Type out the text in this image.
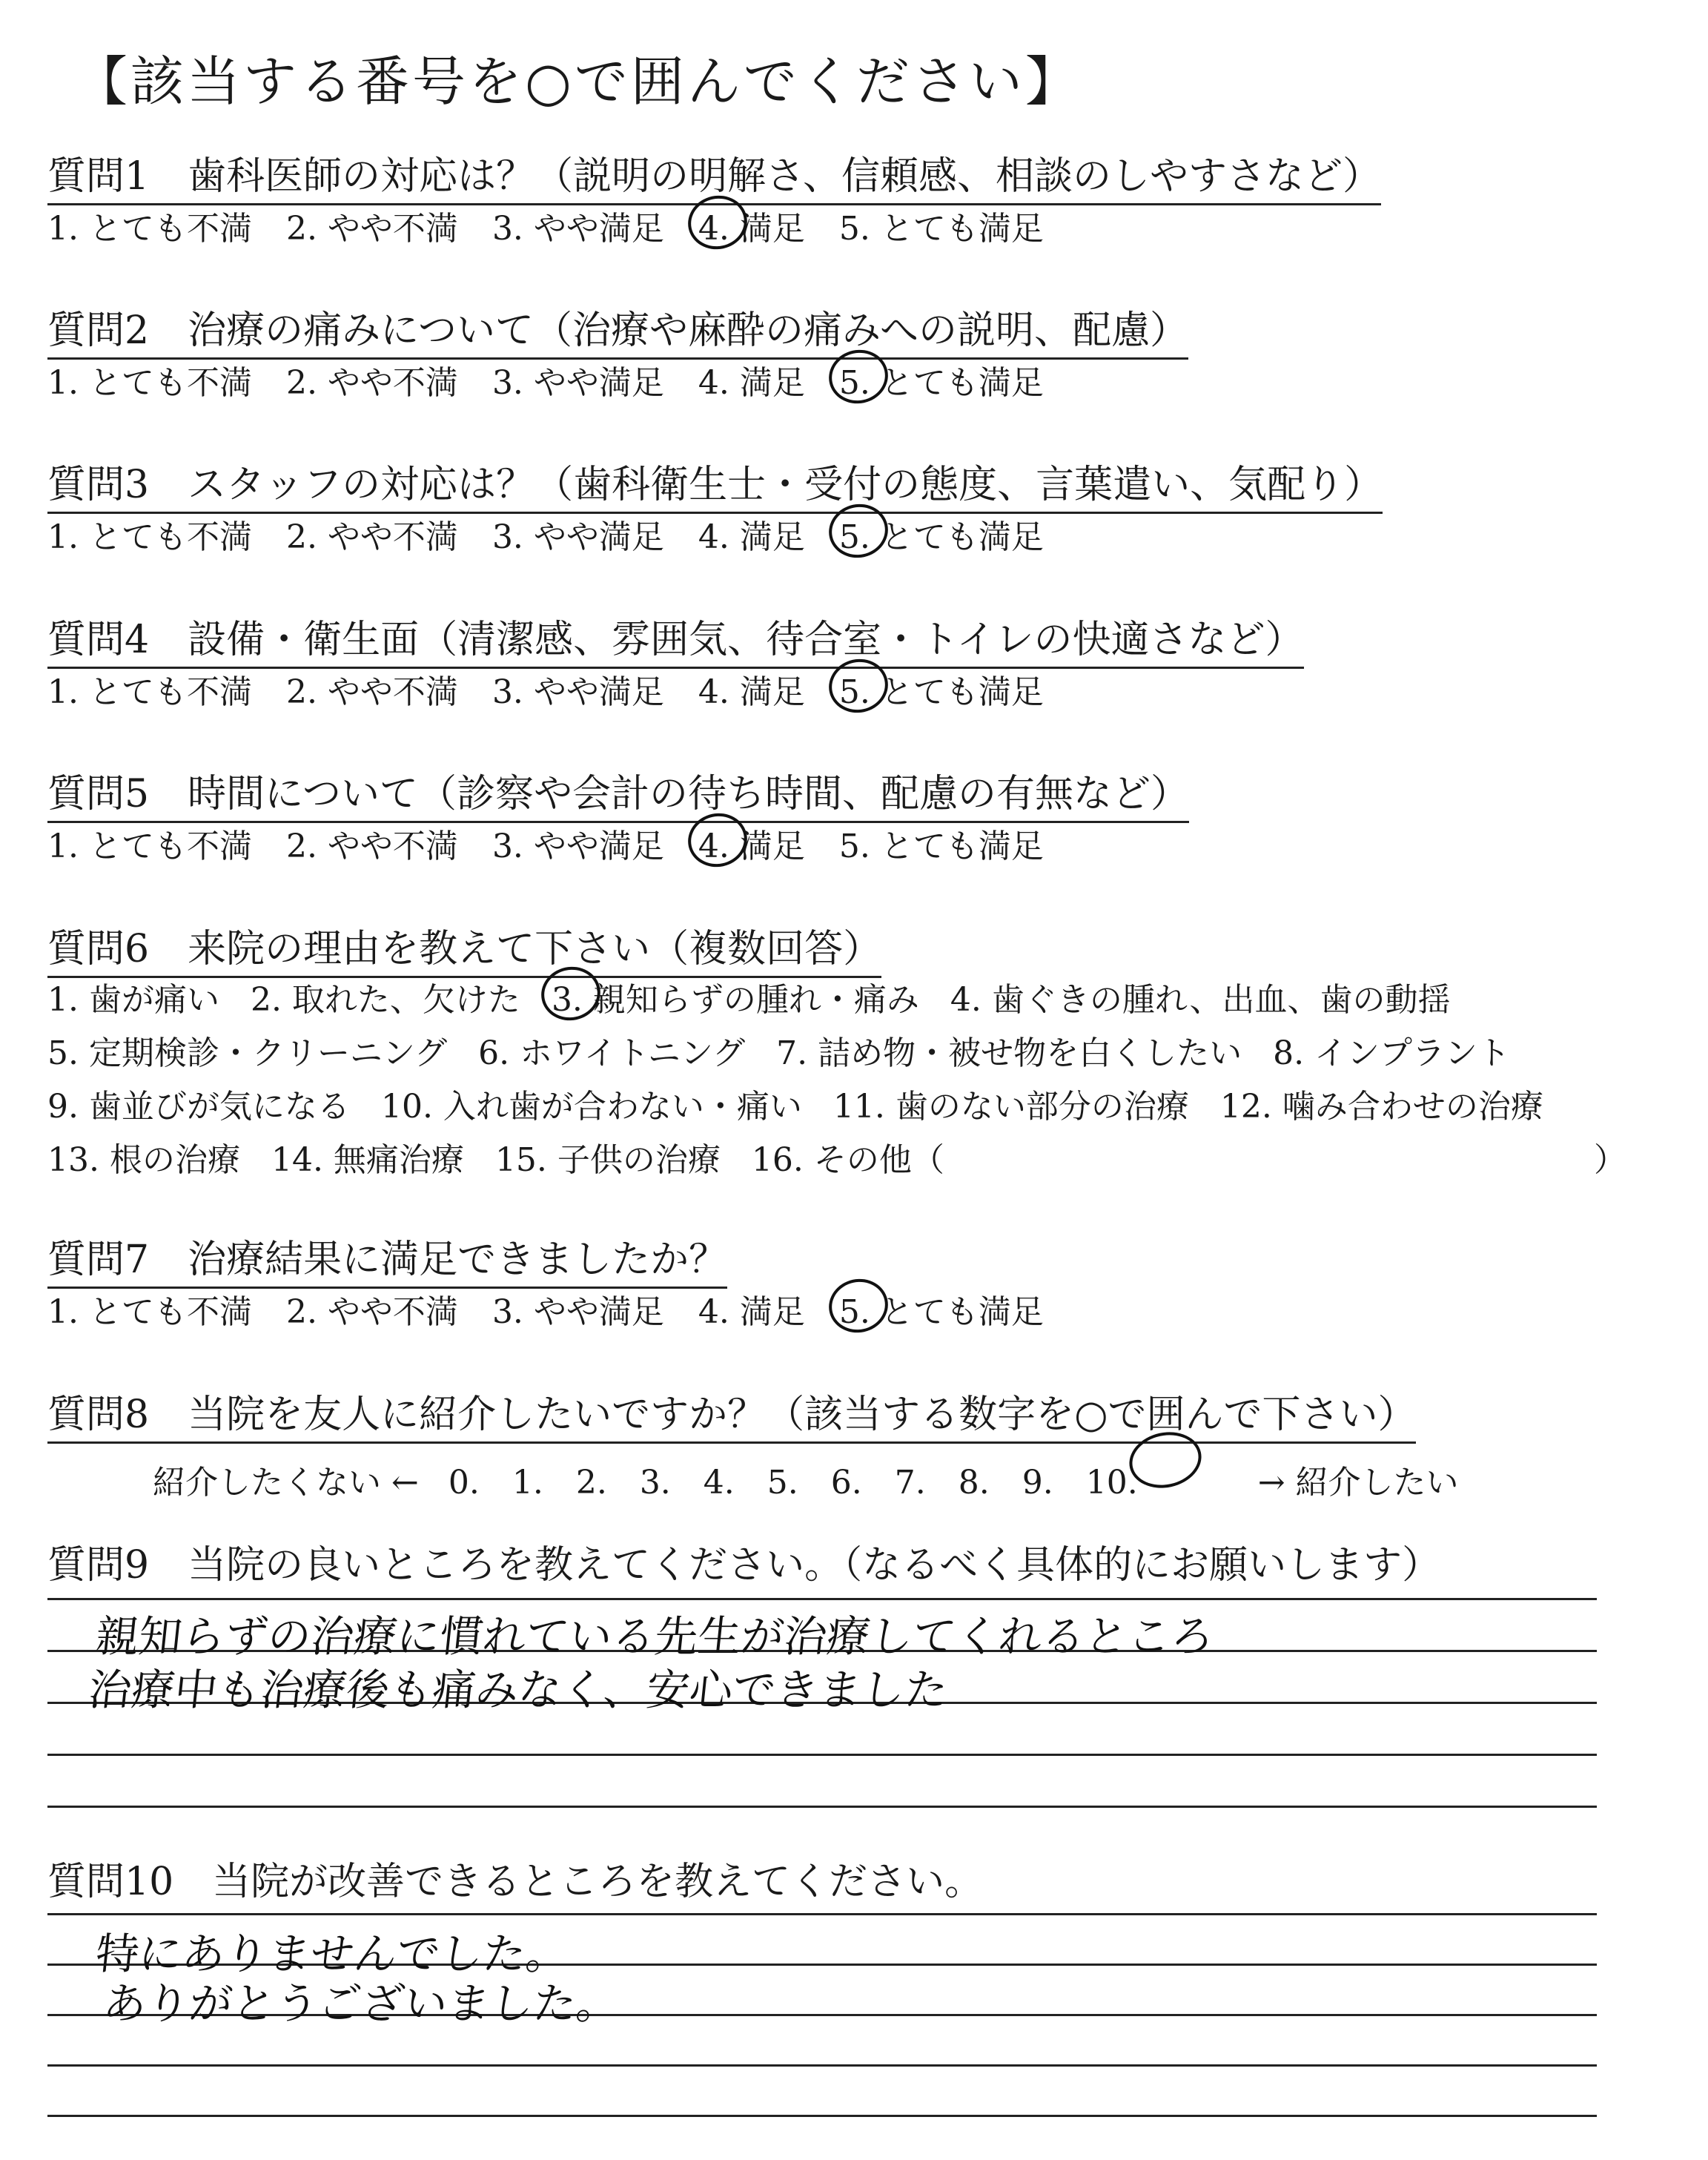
【該当する番号を○で囲んでください】
質問1 歯科医師の対応は？（説明の明解さ、信頼感、相談のしやすさなど）
1. とても不満 2. やや不満 3. やや満足 4. 満足 5. とても満足
質問2 治療の痛みについて（治療や麻酔の痛みへの説明、配慮）
1. とても不満 2. やや不満 3. やや満足 4. 満足 5. とても満足
質問3 スタッフの対応は？（歯科衛生士・受付の態度、言葉遣い、気配り）
1. とても不満 2. やや不満 3. やや満足 4. 満足 5. とても満足
質問4 設備・衛生面（清潔感、雰囲気、待合室・トイレの快適さなど）
1. とても不満 2. やや不満 3. やや満足 4. 満足 5. とても満足
質問5 時間について（診察や会計の待ち時間、配慮の有無など）
1. とても不満 2. やや不満 3. やや満足 4. 満足 5. とても満足
質問6 来院の理由を教えて下さい（複数回答）
1. 歯が痛い 2. 取れた、欠けた 3. 親知らずの腫れ・痛み 4. 歯ぐきの腫れ、出血、歯の動揺
5. 定期検診・クリーニング 6. ホワイトニング 7. 詰め物・被せ物を白くしたい 8. インプラント
9. 歯並びが気になる 10. 入れ歯が合わない・痛い 11. 歯のない部分の治療 12. 噛み合わせの治療
13. 根の治療 14. 無痛治療 15. 子供の治療 16. その他（	）
質問7 治療結果に満足できましたか？
1. とても不満 2. やや不満 3. やや満足 4. 満足 5. とても満足
質問8 当院を友人に紹介したいですか？（該当する数字を○で囲んで下さい）
紹介したくない ← 0. 1. 2. 3. 4. 5. 6. 7. 8. 9. 10.	→ 紹介したい
質問9 当院の良いところを教えてください。（なるべく具体的にお願いします）
親知らずの治療に慣れている先生が治療してくれるところ
治療中も治療後も痛みなく、安心できました
質問10 当院が改善できるところを教えてください。
特にありませんでした。
ありがとうございました。
